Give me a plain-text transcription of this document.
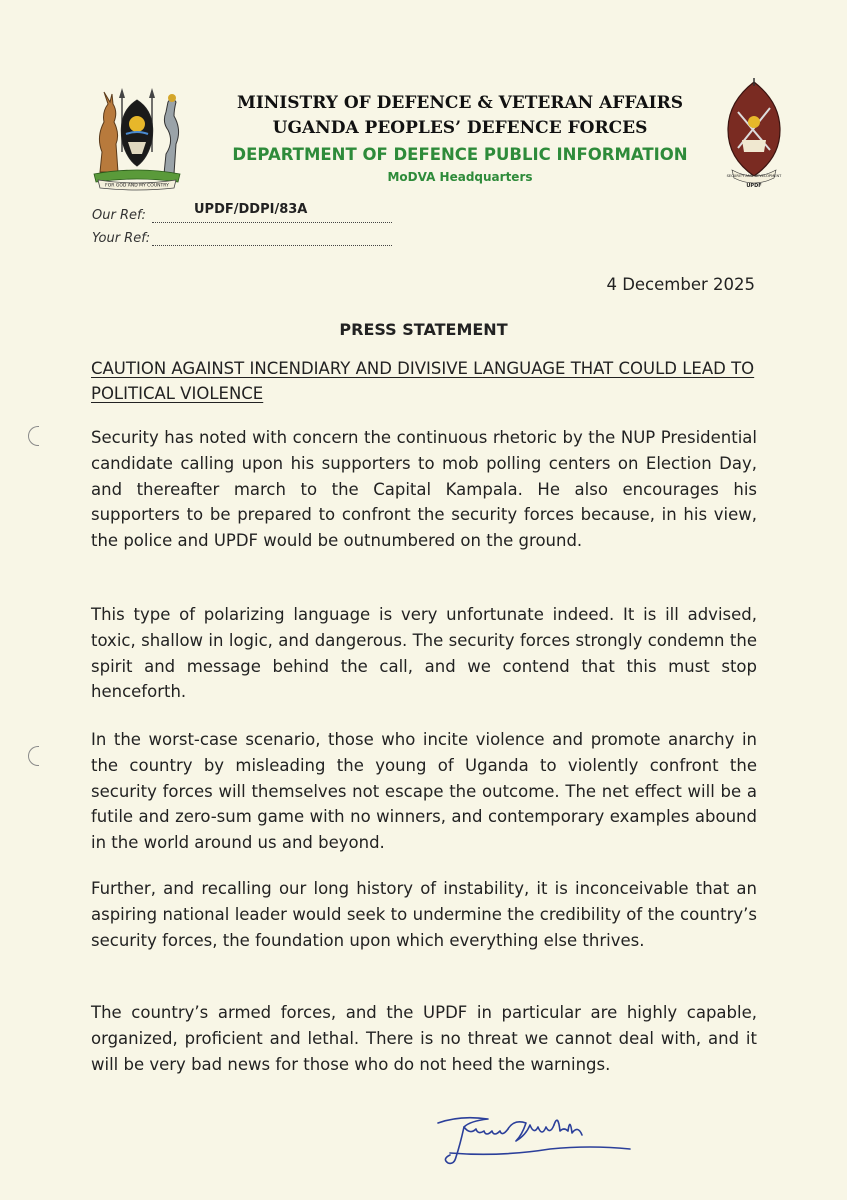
FOR GOD AND MY COUNTRY
MINISTRY OF DEFENCE & VETERAN AFFAIRS
UGANDA PEOPLES’ DEFENCE FORCES
DEPARTMENT OF DEFENCE PUBLIC INFORMATION
MoDVA Headquarters	SECURITY AND DEVELOPMENT
UPDF
Our Ref:	UPDF/DDPI/83A
Your Ref:
4 December 2025
PRESS STATEMENT
CAUTION AGAINST INCENDIARY AND DIVISIVE LANGUAGE THAT COULD LEAD TO POLITICAL VIOLENCE

Security has noted with concern the continuous rhetoric by the NUP Presidential candidate calling upon his supporters to mob polling centers on Election Day, and thereafter march to the Capital Kampala. He also encourages his supporters to be prepared to confront the security forces because, in his view, the police and UPDF would be outnumbered on the ground.

This type of polarizing language is very unfortunate indeed. It is ill advised, toxic, shallow in logic, and dangerous. The security forces strongly condemn the spirit and message behind the call, and we contend that this must stop henceforth.

In the worst-case scenario, those who incite violence and promote anarchy in the country by misleading the young of Uganda to violently confront the security forces will themselves not escape the outcome. The net effect will be a futile and zero-sum game with no winners, and contemporary examples abound in the world around us and beyond.

Further, and recalling our long history of instability, it is inconceivable that an aspiring national leader would seek to undermine the credibility of the country’s security forces, the foundation upon which everything else thrives.

The country’s armed forces, and the UPDF in particular are highly capable, organized, proficient and lethal. There is no threat we cannot deal with, and it will be very bad news for those who do not heed the warnings.
